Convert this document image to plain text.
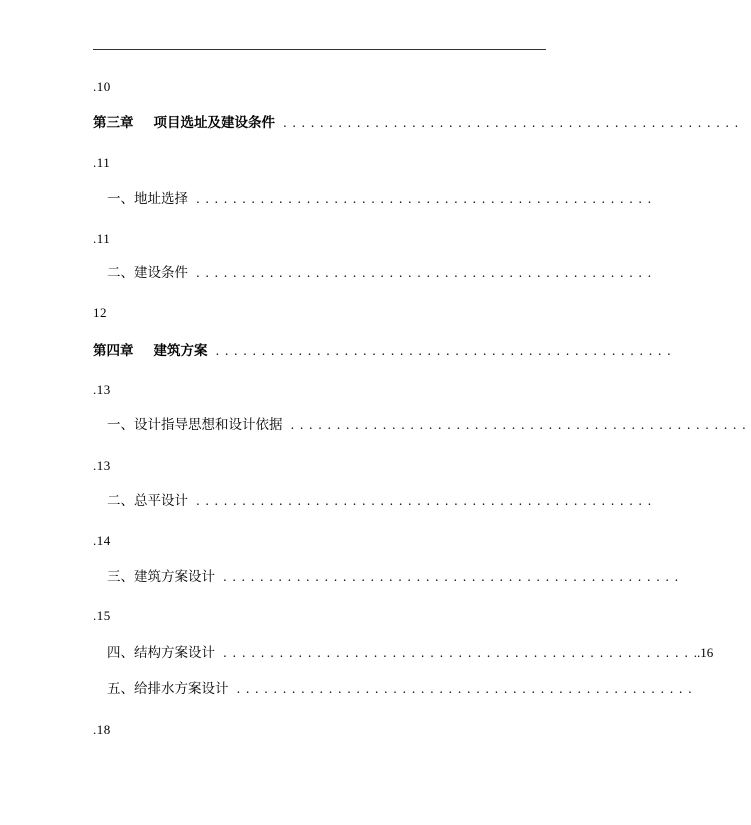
.10
第三章 项目选址及建设条件 ..................................................
.11
一、地址选择 ..................................................
.11
二、建设条件 ..................................................
12
第四章 建筑方案 ..................................................
.13
一、设计指导思想和设计依据 ..................................................
.13
二、总平设计 ..................................................
.14
三、建筑方案设计 ..................................................
.15
四、结构方案设计 .................................................. ..16
五、给排水方案设计 ..................................................
.18
